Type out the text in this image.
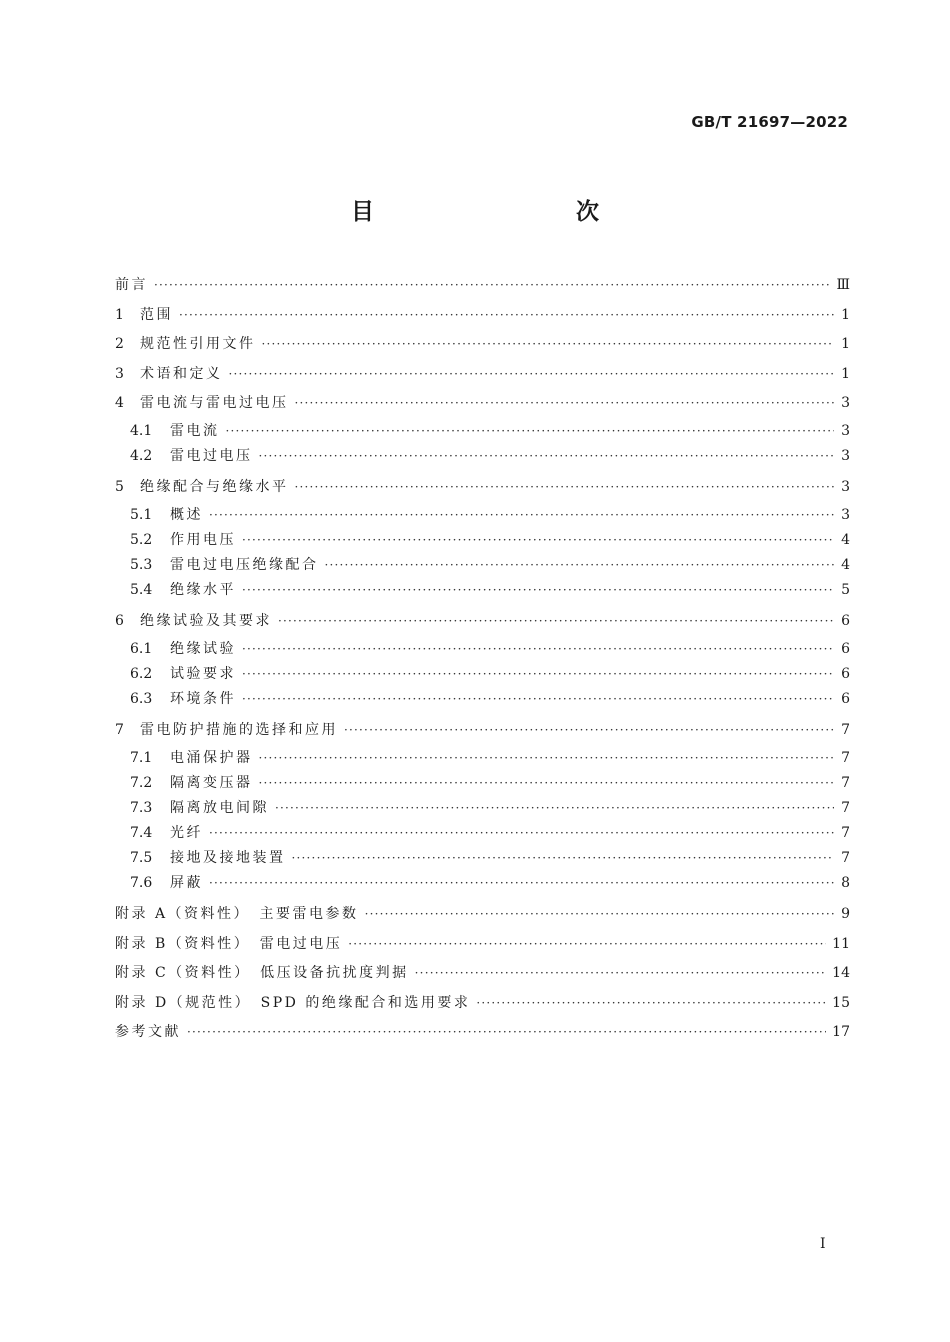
GB/T 21697—2022
目　　次
前言 ·····	Ⅲ
1	范围 ·····	1
2	规范性引用文件 ·····	1
3	术语和定义 ·····	1
4	雷电流与雷电过电压 ·····	3
4.1	雷电流 ·····	3
4.2	雷电过电压 ·····	3
5	绝缘配合与绝缘水平 ·····	3
5.1	概述 ·····	3
5.2	作用电压 ·····	4
5.3	雷电过电压绝缘配合 ·····	4
5.4	绝缘水平 ·····	5
6	绝缘试验及其要求 ·····	6
6.1	绝缘试验 ·····	6
6.2	试验要求 ·····	6
6.3	环境条件 ·····	6
7	雷电防护措施的选择和应用 ·····	7
7.1	电涌保护器 ·····	7
7.2	隔离变压器 ·····	7
7.3	隔离放电间隙 ·····	7
7.4	光纤 ·····	7
7.5	接地及接地装置 ·····	7
7.6	屏蔽 ·····	8
附录 A（资料性）　主要雷电参数 ·····	9
附录 B（资料性）　雷电过电压 ·····	11
附录 C（资料性）　低压设备抗扰度判据 ·····	14
附录 D（规范性）　SPD 的绝缘配合和选用要求 ·····	15
参考文献 ·····	17
Ⅰ
